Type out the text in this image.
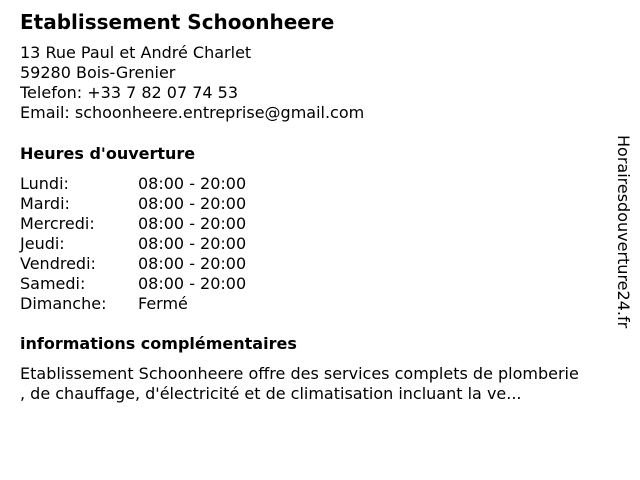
Etablissement Schoonheere
13 Rue Paul et André Charlet
59280 Bois-Grenier
Telefon: +33 7 82 07 74 53
Email: schoonheere.entreprise@gmail.com
Heures d'ouverture
Lundi:	08:00 - 20:00
Mardi:	08:00 - 20:00
Mercredi:	08:00 - 20:00
Jeudi:	08:00 - 20:00
Vendredi:	08:00 - 20:00
Samedi:	08:00 - 20:00
Dimanche: Fermé
informations complémentaires
Etablissement Schoonheere offre des services complets de plomberie
, de chauffage, d'électricité et de climatisation incluant la ve...
Horairesdouverture24.fr
